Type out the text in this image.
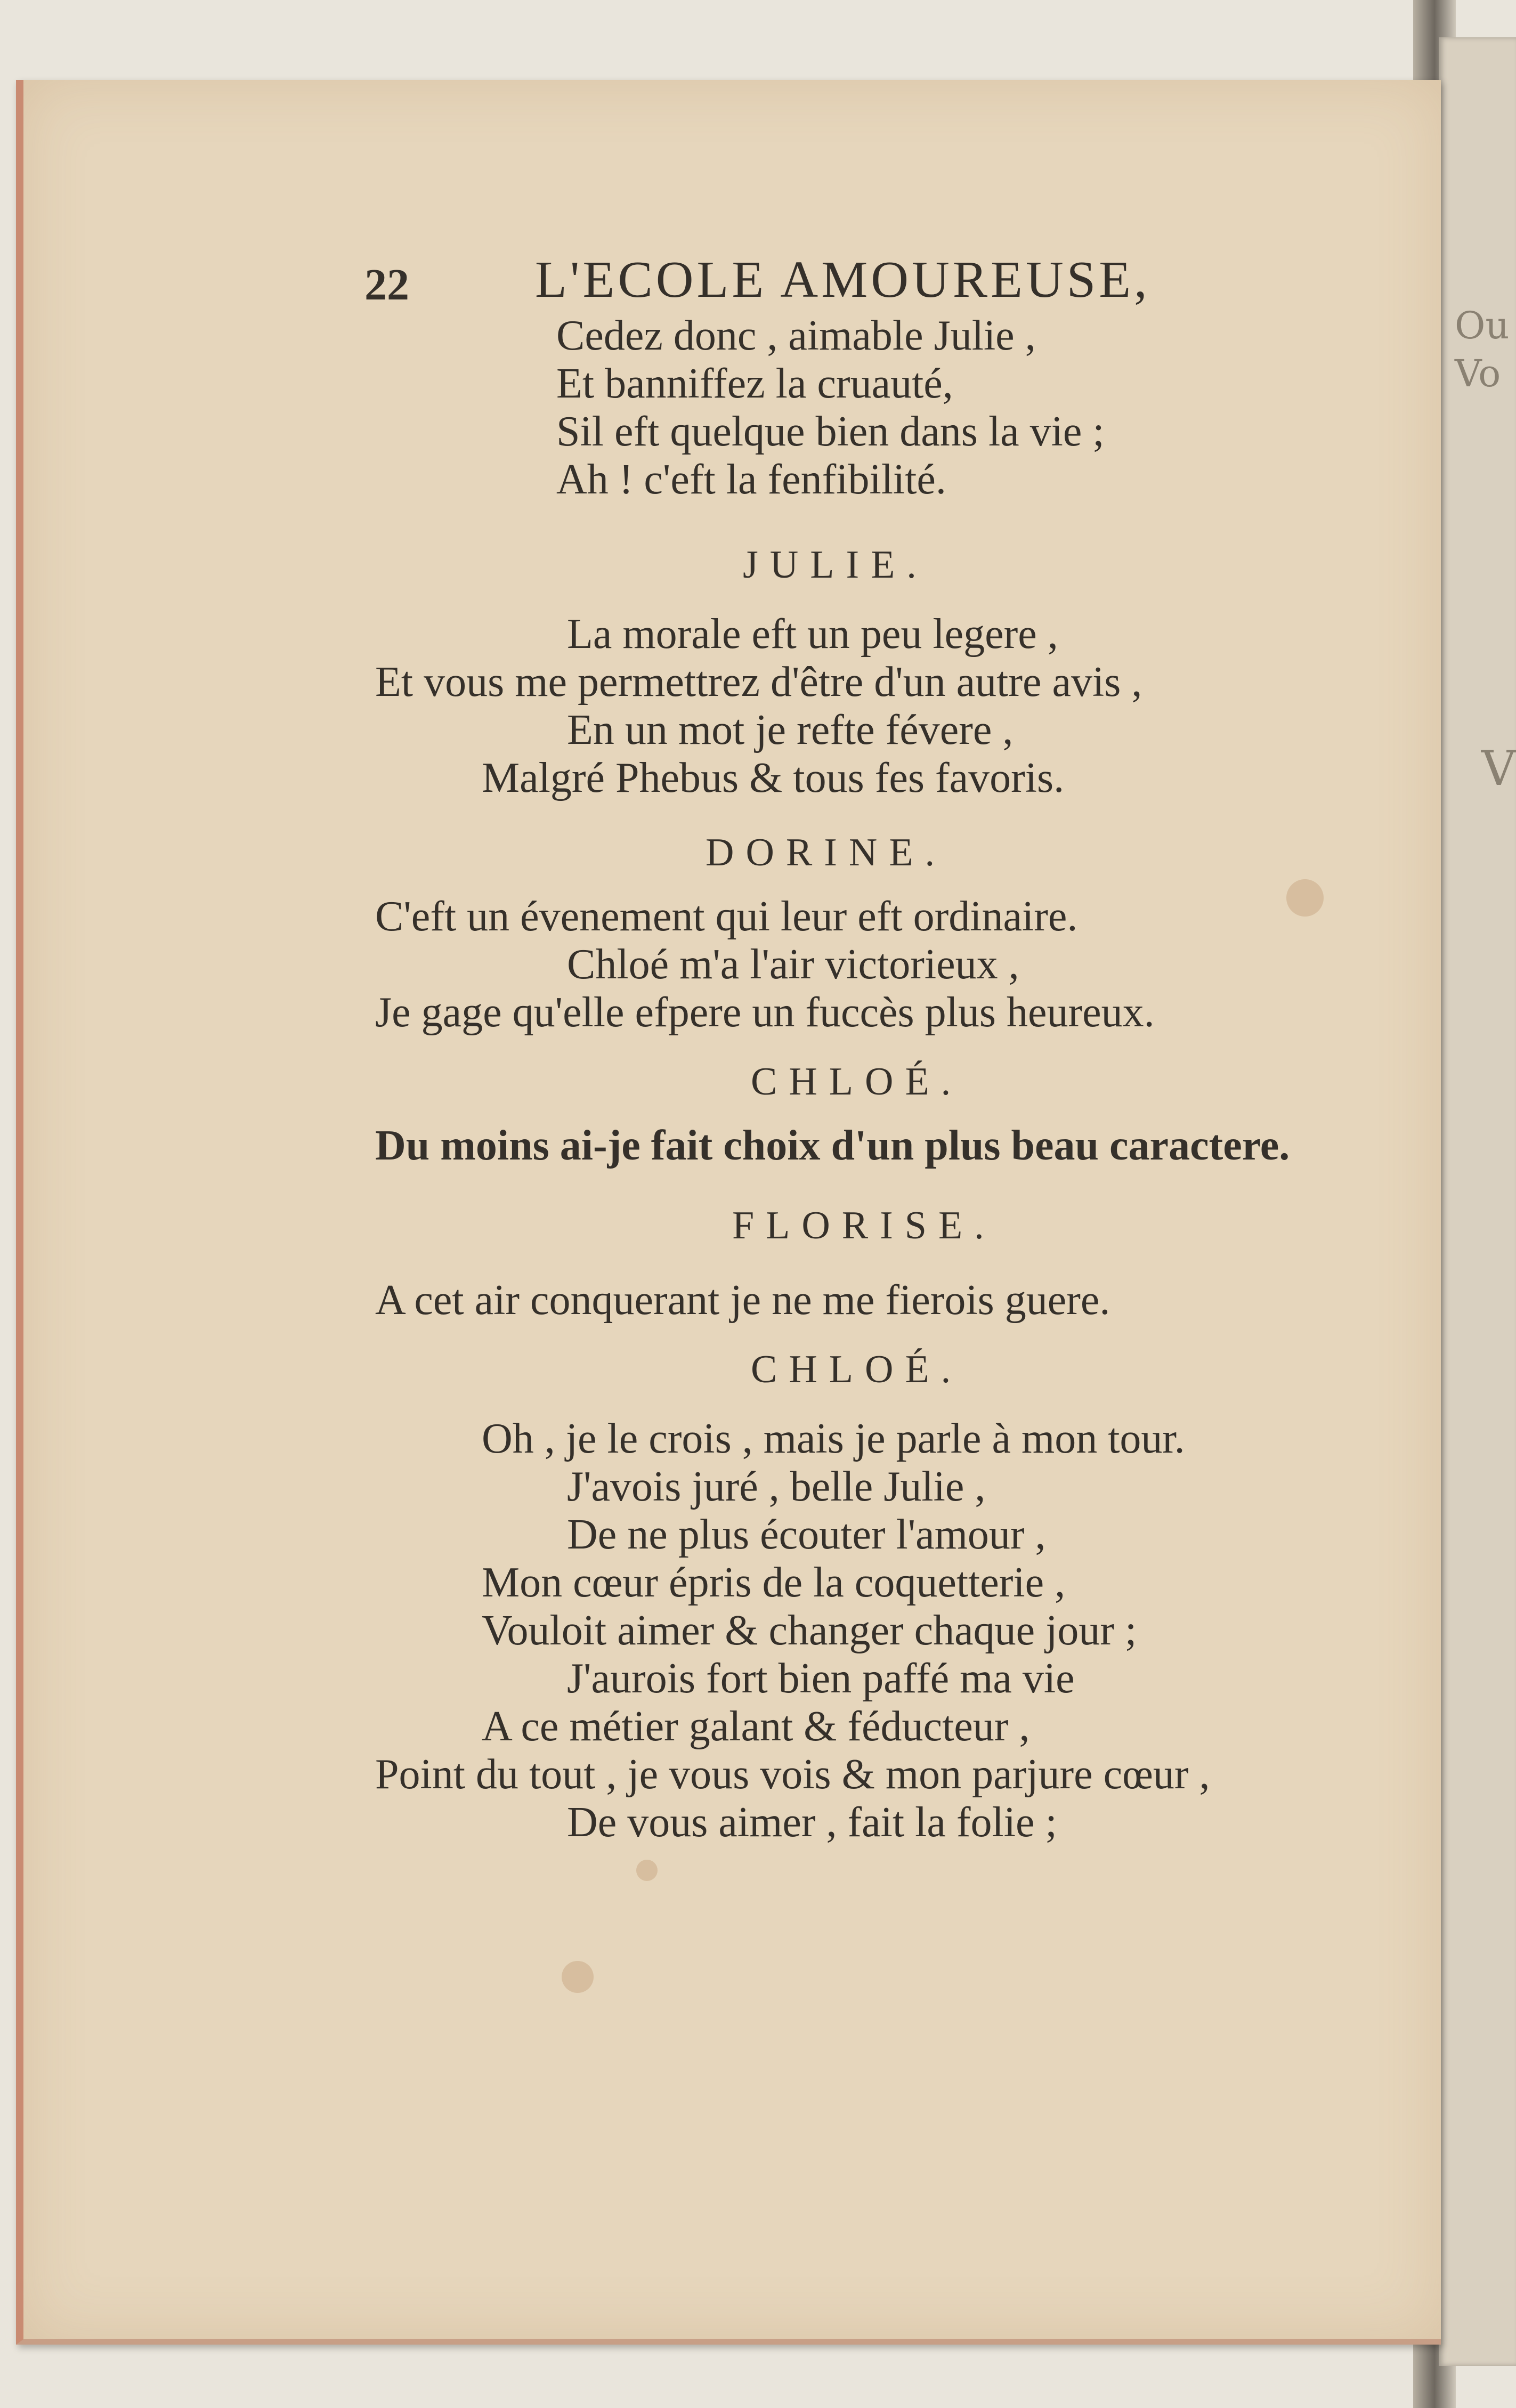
Ou
Vo
V
22 L'ECOLE AMOUREUSE,
Cedez donc , aimable Julie ,
Et banniffez la cruauté,
Sil eft quelque bien dans la vie ;
Ah ! c'eft la fenfibilité.
JULIE.
La morale eft un peu legere ,
Et vous me permettrez d'être d'un autre avis ,
En un mot je refte févere ,
Malgré Phebus & tous fes favoris.
DORINE.
C'eft un évenement qui leur eft ordinaire.
Chloé m'a l'air victorieux ,
Je gage qu'elle efpere un fuccès plus heureux.
CHLOÉ.
Du moins ai-je fait choix d'un plus beau caractere.
FLORISE.
A cet air conquerant je ne me fierois guere.
CHLOÉ.
Oh , je le crois , mais je parle à mon tour.
J'avois juré , belle Julie ,
De ne plus écouter l'amour ,
Mon cœur épris de la coquetterie ,
Vouloit aimer & changer chaque jour ;
J'aurois fort bien paffé ma vie
A ce métier galant & féducteur ,
Point du tout , je vous vois & mon parjure cœur ,
De vous aimer , fait la folie ;
